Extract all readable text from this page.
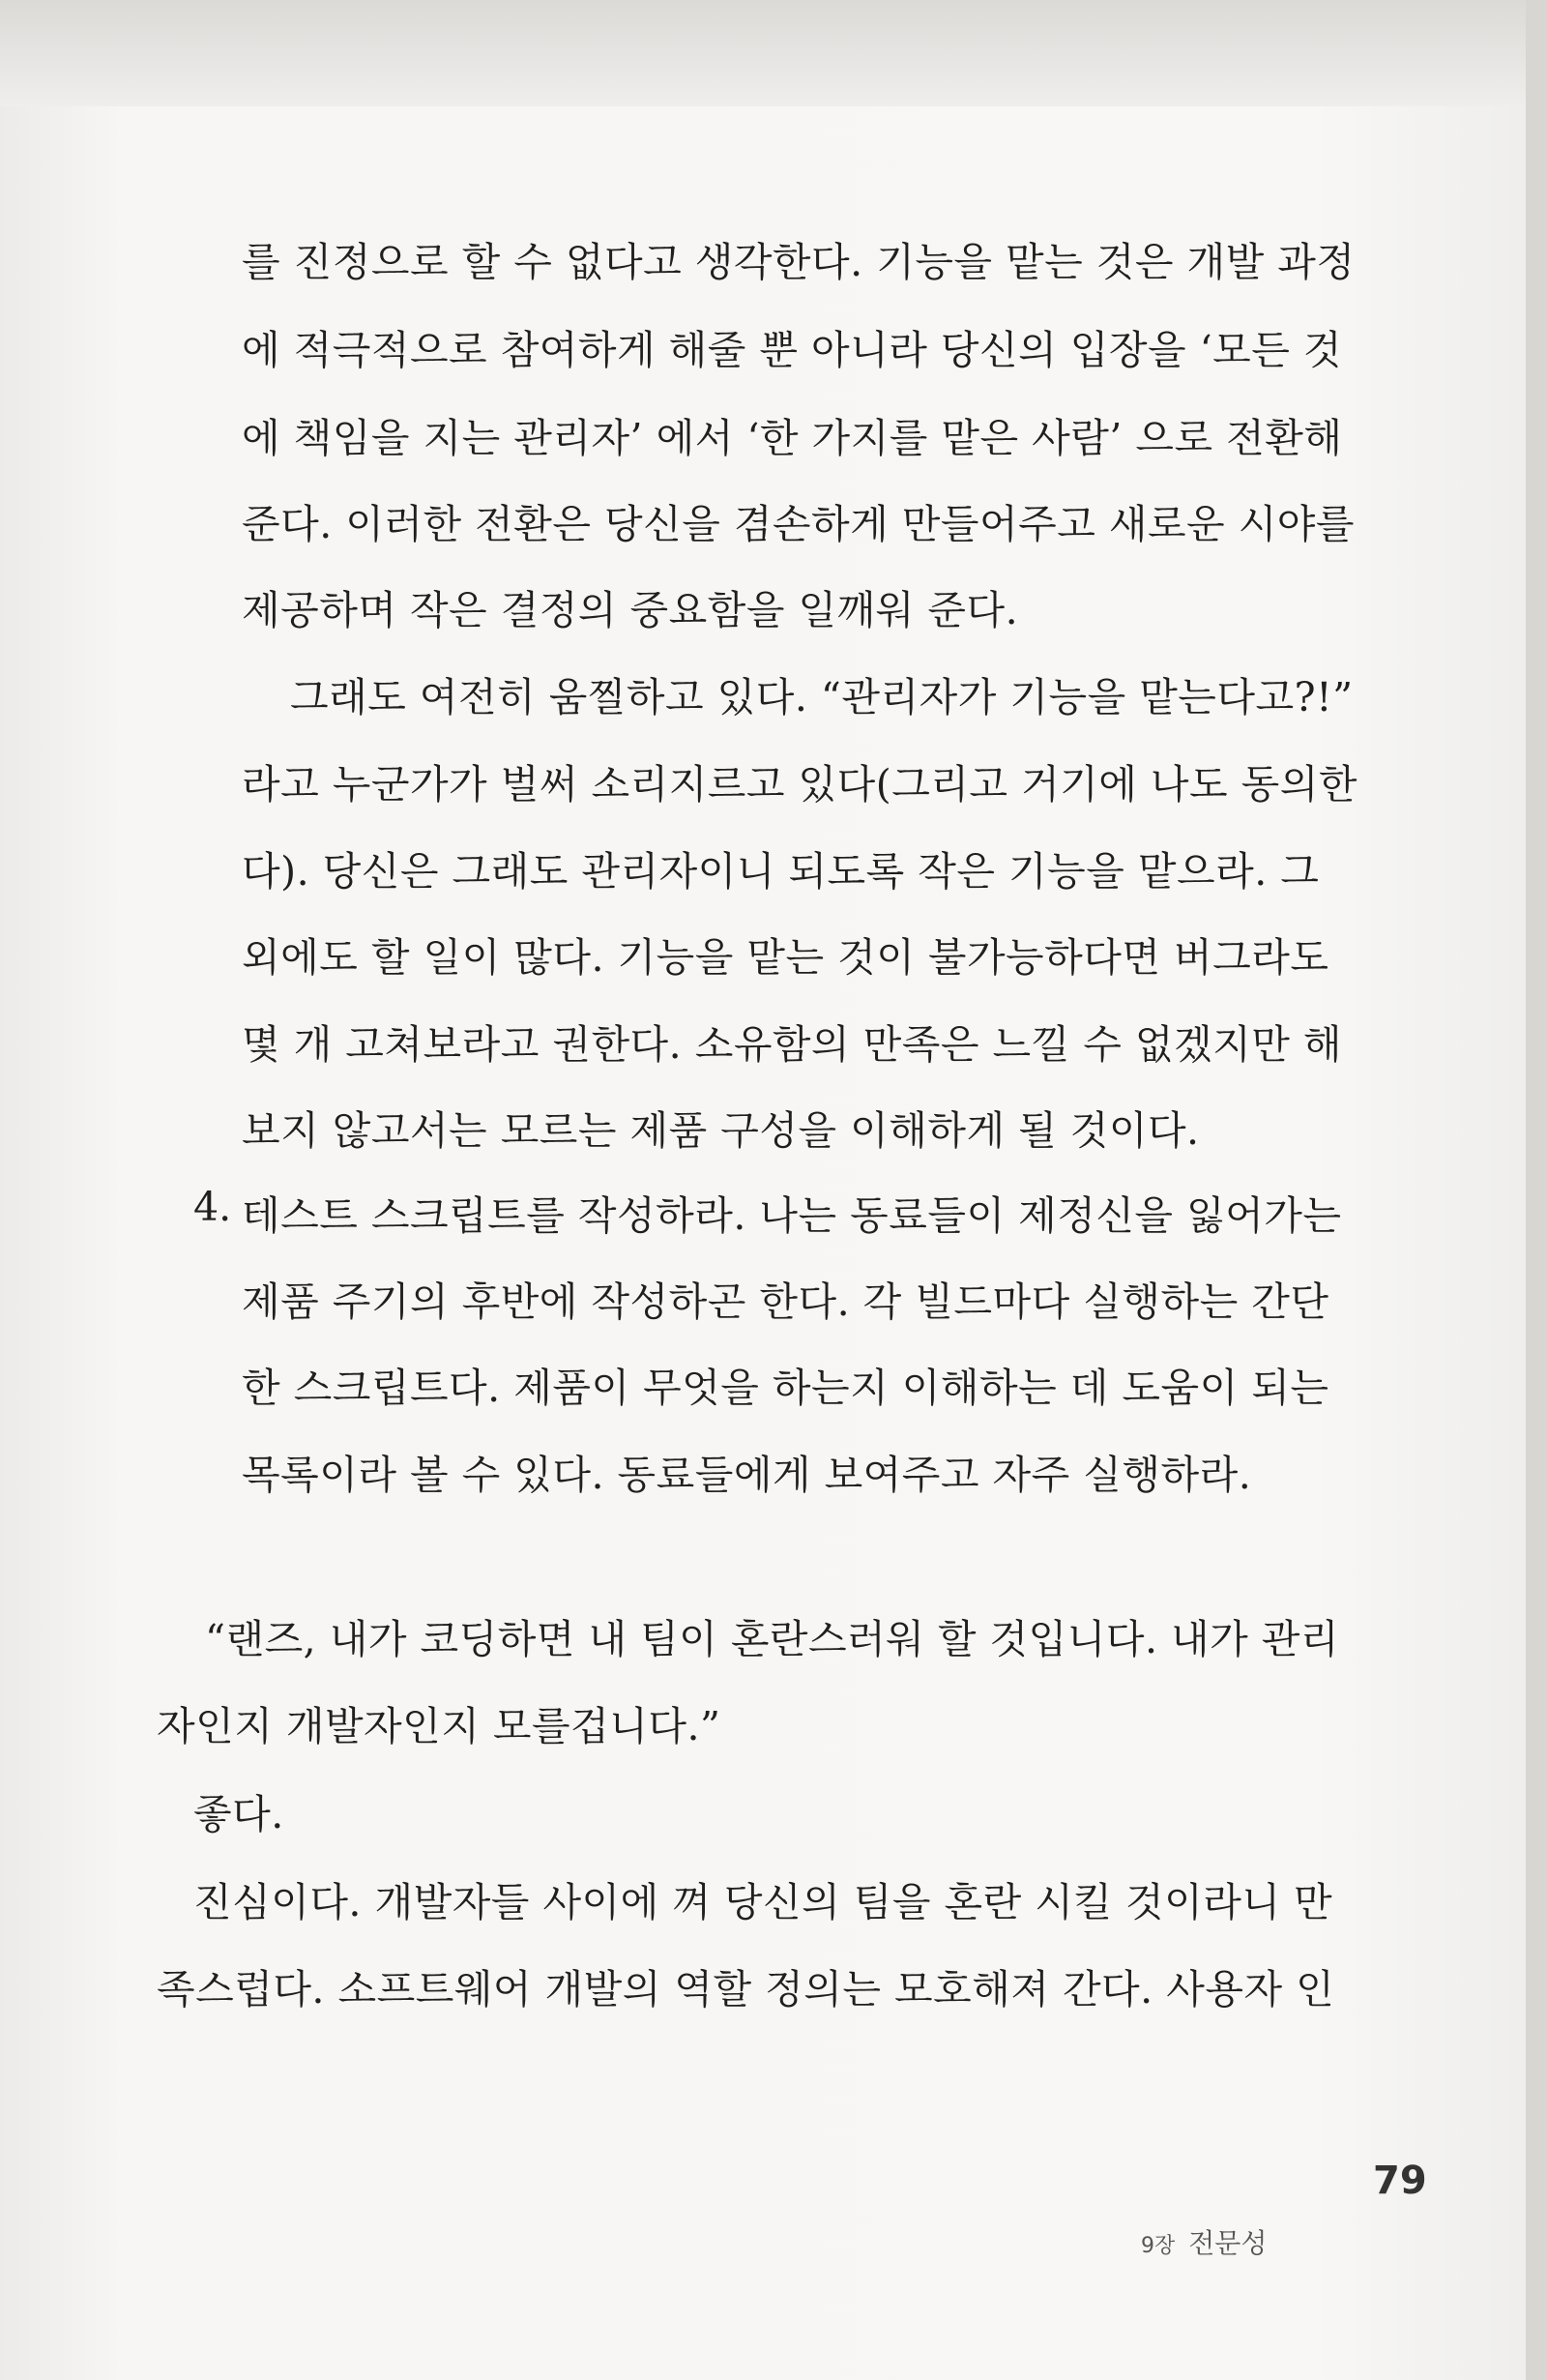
를 진정으로 할 수 없다고 생각한다. 기능을 맡는 것은 개발 과정
에 적극적으로 참여하게 해줄 뿐 아니라 당신의 입장을 ‘모든 것
에 책임을 지는 관리자’ 에서 ‘한 가지를 맡은 사람’ 으로 전환해
준다. 이러한 전환은 당신을 겸손하게 만들어주고 새로운 시야를
제공하며 작은 결정의 중요함을 일깨워 준다.
그래도 여전히 움찔하고 있다. “관리자가 기능을 맡는다고?!”
라고 누군가가 벌써 소리지르고 있다(그리고 거기에 나도 동의한
다). 당신은 그래도 관리자이니 되도록 작은 기능을 맡으라. 그
외에도 할 일이 많다. 기능을 맡는 것이 불가능하다면 버그라도
몇 개 고쳐보라고 권한다. 소유함의 만족은 느낄 수 없겠지만 해
보지 않고서는 모르는 제품 구성을 이해하게 될 것이다.
4. 테스트 스크립트를 작성하라. 나는 동료들이 제정신을 잃어가는
제품 주기의 후반에 작성하곤 한다. 각 빌드마다 실행하는 간단
한 스크립트다. 제품이 무엇을 하는지 이해하는 데 도움이 되는
목록이라 볼 수 있다. 동료들에게 보여주고 자주 실행하라.
“랜즈, 내가 코딩하면 내 팀이 혼란스러워 할 것입니다. 내가 관리
자인지 개발자인지 모를겁니다.”
좋다.
진심이다. 개발자들 사이에 껴 당신의 팀을 혼란 시킬 것이라니 만
족스럽다. 소프트웨어 개발의 역할 정의는 모호해져 간다. 사용자 인
79
9장 전문성
